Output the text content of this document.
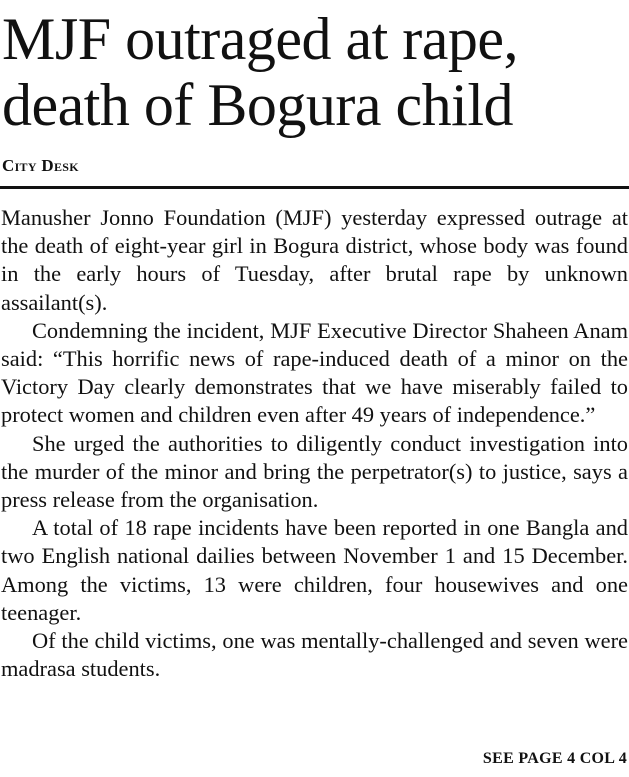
MJF outraged at rape,
death of Bogura child
City Desk

Manusher Jonno Foundation (MJF) yesterday expressed outrage at the death of eight-year girl in Bogura district, whose body was found in the early hours of Tuesday, after brutal rape by unknown assailant(s).

Condemning the incident, MJF Executive Director Shaheen Anam said: “This horrific news of rape-induced death of a minor on the Victory Day clearly demonstrates that we have miserably failed to protect women and children even after 49 years of independence.”

She urged the authorities to diligently conduct investigation into the murder of the minor and bring the perpetrator(s) to justice, says a press release from the organisation.

A total of 18 rape incidents have been reported in one Bangla and two English national dailies between November 1 and 15 December. Among the victims, 13 were children, four housewives and one teenager.

Of the child victims, one was mentally-challenged and seven were madrasa students.

SEE PAGE 4 COL 4
